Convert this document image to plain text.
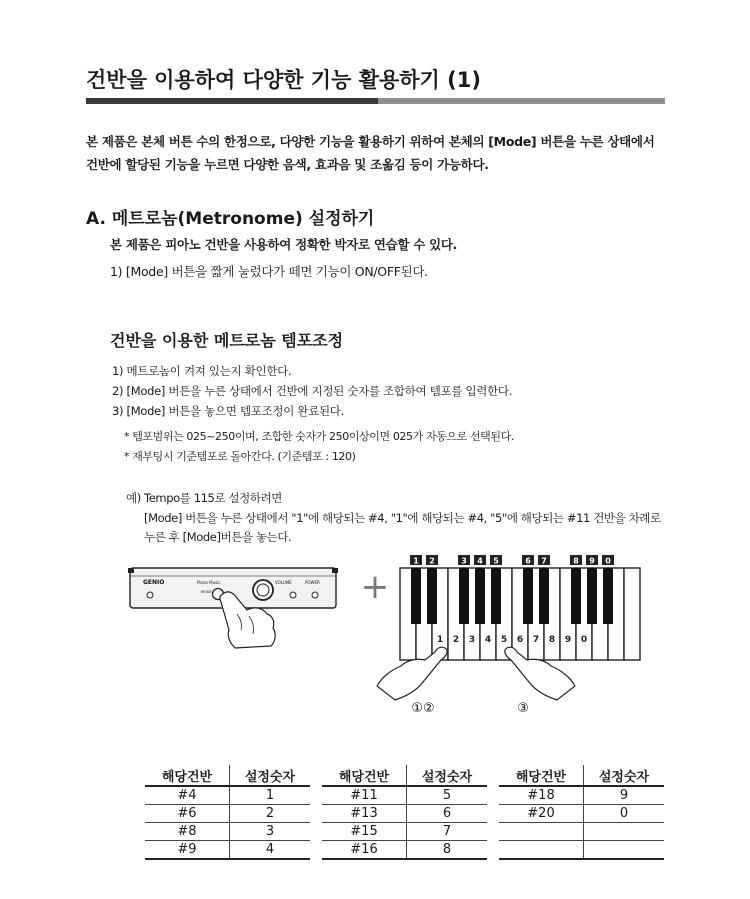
건반을 이용하여 다양한 기능 활용하기 (1)
본 제품은 본체 버튼 수의 한정으로, 다양한 기능을 활용하기 위하여 본체의 [Mode] 버튼을 누른 상태에서
건반에 할당된 기능을 누르면 다양한 음색, 효과음 및 조옮김 등이 가능하다.
A. 메트로놈(Metronome) 설정하기
본 제품은 피아노 건반을 사용하여 정확한 박자로 연습할 수 있다.
1) [Mode] 버튼을 짧게 눌렀다가 떼면 기능이 ON/OFF된다.
건반을 이용한 메트로놈 템포조정
1) 메트로놈이 켜져 있는지 확인한다.
2) [Mode] 버튼을 누른 상태에서 건반에 지정된 숫자를 조합하여 템포를 입력한다.
3) [Mode] 버튼을 놓으면 템포조정이 완료된다.
* 템포범위는 025~250이며, 조합한 숫자가 250이상이면 025가 자동으로 선택된다.
* 재부팅시 기준템포로 돌아간다. (기준템포 : 120)
예) Tempo를 115로 설정하려면
[Mode] 버튼을 누른 상태에서 "1"에 해당되는 #4, "1"에 해당되는 #4, "5"에 해당되는 #11 건반을 차례로
누른 후 [Mode]버튼을 놓는다.
GENIO	Piano Music	VOLUME	POWER
MODE	+
1 2	3 4 5	6 7	8 9 0
1 2 3 4 5 6 7 8 9 0
①②	③
해당건반	설정숫자
#4	1
#6	2
#8	3
#9	4
해당건반	설정숫자
#11	5
#13	6
#15	7
#16	8
해당건반	설정숫자
#18	9
#20	0
